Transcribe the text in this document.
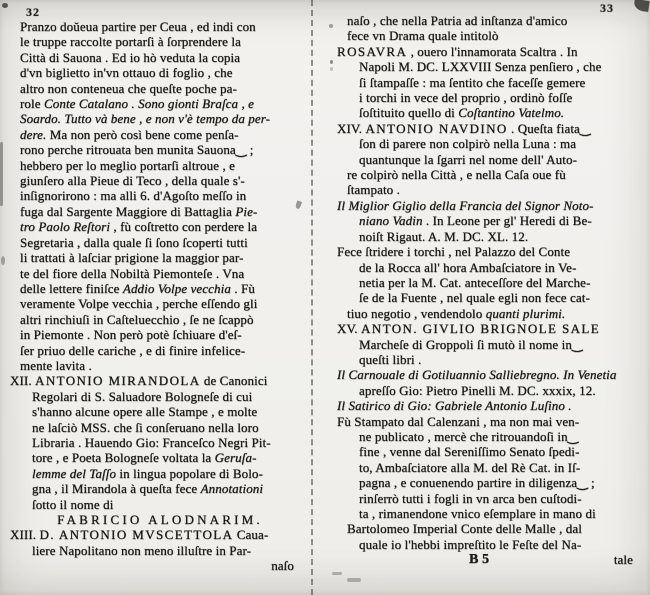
32	33
Pranzo doŭeua partire per Ceua , ed indi con
le truppe raccolte portarſi à ſorprendere la
Città di Sauona . Ed io hò veduta la copia
d'vn biglietto in'vn ottauo di foglio , che
altro non conteneua che queſte poche pa-
role Conte Catalano . Sono gionti Braſca , e
Soardo. Tutto và bene , e non v'è tempo da per-
dere. Ma non però così bene come penſa-
rono perche ritrouata ben munita Sauona‿ ;
hebbero per lo meglio portarſi altroue , e
giunſero alla Pieue di Teco , della quale s'-
inſignorirono : ma alli 6. d'Agoſto meſſo in
fuga dal Sargente Maggiore di Battaglia Pie-
tro Paolo Reſtori , fù coſtretto con perdere la
Segretaria , dalla quale ſi ſono ſcoperti tutti
li trattati à laſciar prigione la maggior par-
te del fiore della Nobiltà Piemonteſe . Vna
delle lettere finiſce Addio Volpe vecchia . Fù
veramente Volpe vecchia , perche eſſendo gli
altri rinchiuſi in Caſteluecchio , ſe ne ſcappò
in Piemonte . Non però potè ſchiuare d'eſ-
ſer priuo delle cariche , e di finire infelice-
mente lavita .
XII. ANTONIO MIRANDOLA de Canonici
Regolari di S. Saluadore Bologneſe di cui
s'hanno alcune opere alle Stampe , e molte
ne laſciò MSS. che ſi conſeruano nella loro
Libraria . Hauendo Gio: Franceſco Negri Pit-
tore , e Poeta Bologneſe voltata la Geruſa-
lemme del Taſſo in lingua popolare di Bolo-
gna , il Mirandola à queſta fece Annotationi
ſotto il nome di
FABRICIO ALODNARIM.
XIII. D. ANTONIO MVSCETTOLA Caua-
liere Napolitano non meno illuſtre in Par-
naſo
naſo , che nella Patria ad inſtanza d'amico
fece vn Drama quale intitolò
ROSAVRA , ouero l'innamorata Scaltra . In
Napoli M. DC. LXXVIII Senza penſiero , che
ſi ſtampaſſe : ma ſentito che faceſſe gemere
i torchi in vece del proprio , ordinò foſſe
ſoſtituito quello di Coſtantino Vatelmo.
XIV. ANTONIO NAVDINO . Queſta fiata‿
ſon di parere non colpirò nella Luna : ma
quantunque la ſgarri nel nome dell' Auto-
re colpirò nella Città , e nella Caſa oue fù
ſtampato .
Il Miglior Giglio della Francia del Signor Noto-
niano Vadin . In Leone per gl' Heredi di Be-
noiſt Rigaut. A. M. DC. XL. 12.
Fece ſtridere i torchi , nel Palazzo del Conte
de la Rocca all' hora Ambaſciatore in Ve-
netia per la M. Cat. anteceſſore del Marche-
ſe de la Fuente , nel quale egli non fece cat-
tiuo negotio , vendendolo quanti plurimi.
XV. ANTON. GIVLIO BRIGNOLE SALE
Marcheſe di Groppoli ſi mutò il nome in‿
queſti libri .
Il Carnouale di Gotiluannio Salliebregno. In Venetia
apreſſo Gio: Pietro Pinelli M. DC. xxxix, 12.
Il Satirico di Gio: Gabriele Antonio Luſino .
Fù Stampato dal Calenzani , ma non mai ven-
ne publicato , mercè che ritrouandoſi in‿
fine , venne dal Sereniſſimo Senato ſpedi-
to, Ambaſciatore alla M. del Rè Cat. in Iſ-
pagna , e conuenendo partire in diligenza‿ ;
rinſerrò tutti i fogli in vn arca ben cuſtodi-
ta , rimanendone vnico eſemplare in mano di
Bartolomeo Imperial Conte delle Malle , dal
quale io l'hebbi impreſtito le Feſte del Na-
B 5	tale
